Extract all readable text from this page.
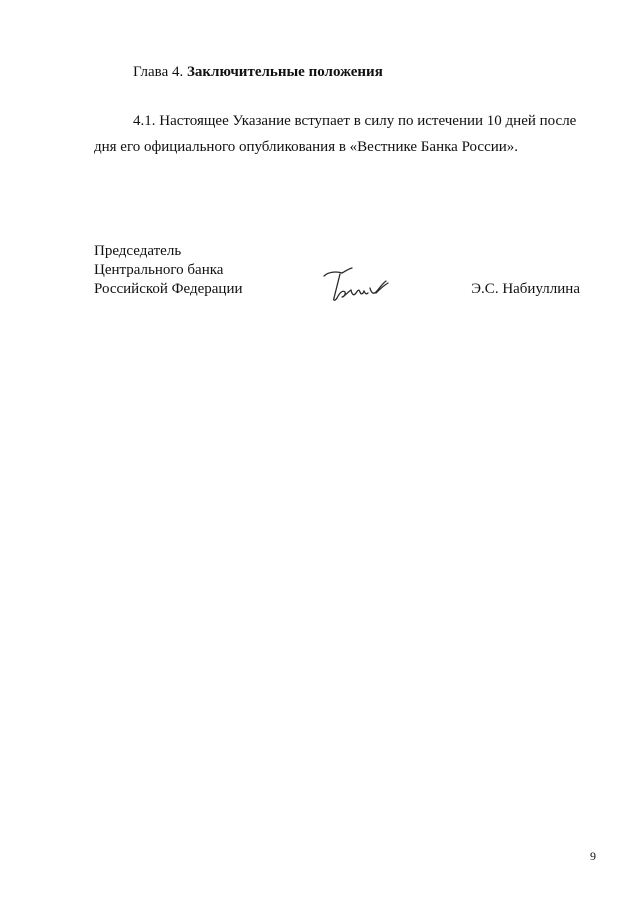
Глава 4. Заключительные положения
4.1. Настоящее Указание вступает в силу по истечении 10 дней после
дня его официального опубликования в «Вестнике Банка России».
Председатель
Центрального банка
Российской Федерации	Э.С. Набиуллина
9
